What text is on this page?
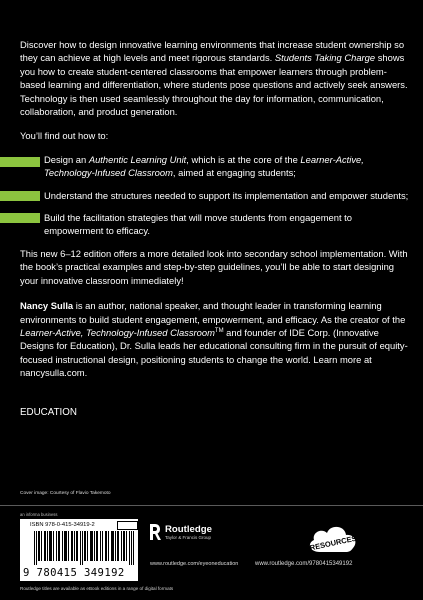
Discover how to design innovative learning environments that increase student ownership so they can achieve at high levels and meet rigorous standards. Students Taking Charge shows you how to create student-centered classrooms that empower learners through problem-based learning and differentiation, where students pose questions and actively seek answers. Technology is then used seamlessly throughout the day for information, communication, collaboration, and product generation.

You’ll find out how to:

Design an Authentic Learning Unit, which is at the core of the Learner-Active, Technology-Infused Classroom, aimed at engaging students;
Understand the structures needed to support its implementation and empower students;
Build the facilitation strategies that will move students from engagement to empowerment to efficacy.

This new 6–12 edition offers a more detailed look into secondary school implementation. With the book’s practical examples and step-by-step guidelines, you’ll be able to start designing your innovative classroom immediately!

Nancy Sulla is an author, national speaker, and thought leader in transforming learning environments to build student engagement, empowerment, and efficacy. As the creator of the Learner-Active, Technology-Infused Classroom™ and founder of IDE Corp. (Innovative Designs for Education), Dr. Sulla leads her educational consulting firm in the pursuit of equity-focused instructional design, positioning students to change the world. Learn more at nancysulla.com.

EDUCATION

Cover image: Courtesy of Flavio Takemoto
an informa business
ISBN 978-0-415-34919-2
9 780415 349192
Routledge
Taylor & Francis Group
www.routledge.com/eyeoneducation
eRESOURCES
www.routledge.com/9780415349192
Routledge titles are available as eBook editions in a range of digital formats
